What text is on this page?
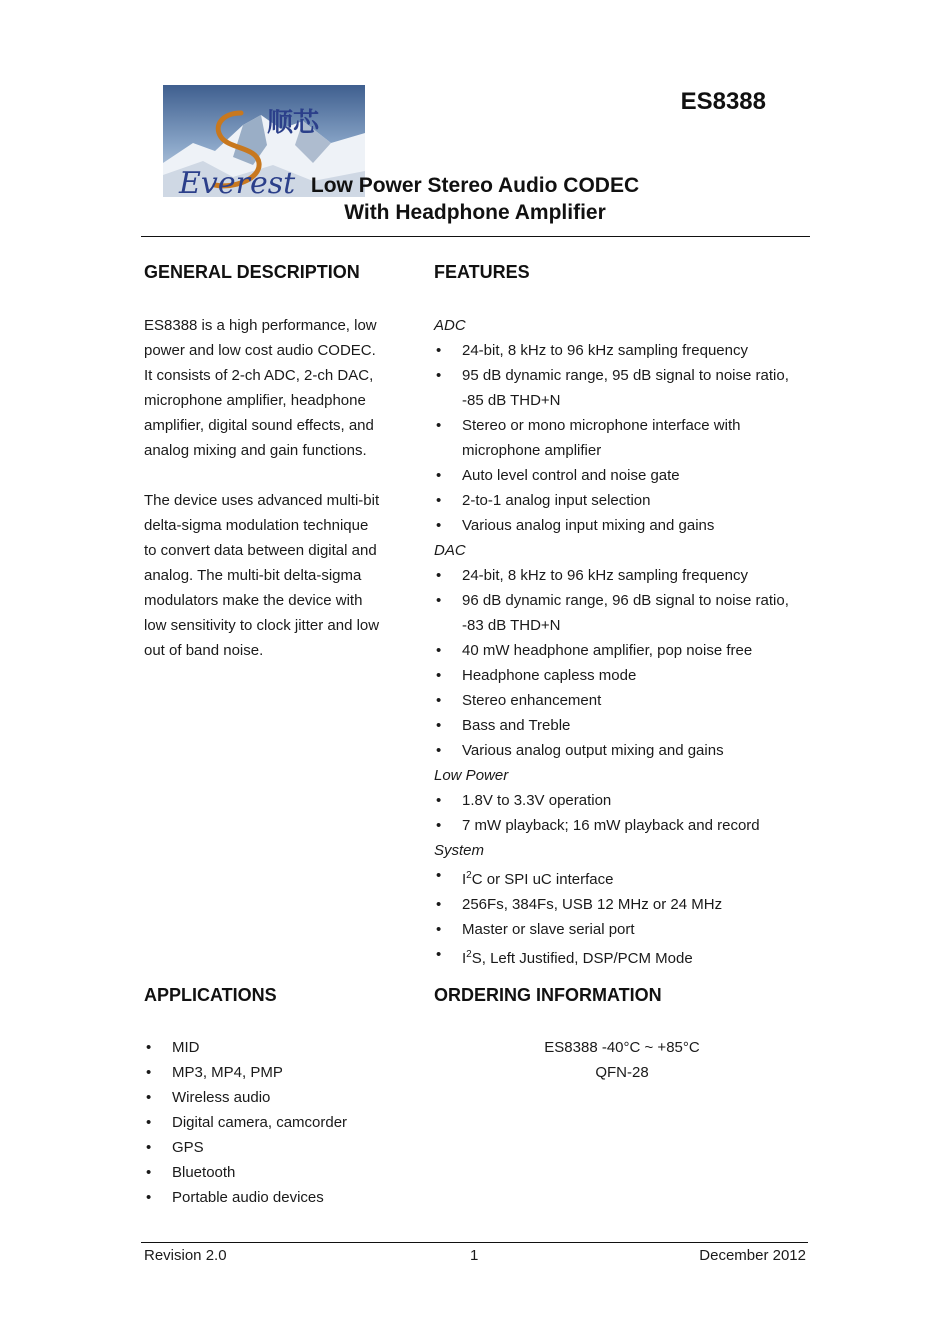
顺芯
Everest
ES8388
Low Power Stereo Audio CODEC
With Headphone Amplifier
GENERAL DESCRIPTION
ES8388 is a high performance, low
power and low cost audio CODEC.
It consists of 2-ch ADC, 2-ch DAC,
microphone amplifier, headphone
amplifier, digital sound effects, and
analog mixing and gain functions.
The device uses advanced multi-bit
delta-sigma modulation technique
to convert data between digital and
analog. The multi-bit delta-sigma
modulators make the device with
low sensitivity to clock jitter and low
out of band noise.
FEATURES
ADC
• 24-bit, 8 kHz to 96 kHz sampling frequency
• 95 dB dynamic range, 95 dB signal to noise ratio,
-85 dB THD+N
• Stereo or mono microphone interface with
microphone amplifier
• Auto level control and noise gate
• 2-to-1 analog input selection
• Various analog input mixing and gains
DAC
• 24-bit, 8 kHz to 96 kHz sampling frequency
• 96 dB dynamic range, 96 dB signal to noise ratio,
-83 dB THD+N
• 40 mW headphone amplifier, pop noise free
• Headphone capless mode
• Stereo enhancement
• Bass and Treble
• Various analog output mixing and gains
Low Power
• 1.8V to 3.3V operation
• 7 mW playback; 16 mW playback and record
System
• $I^2C$ or SPI uC interface
• 256Fs, 384Fs, USB 12 MHz or 24 MHz
• Master or slave serial port
• $I^2S$, Left Justified, DSP/PCM Mode
APPLICATIONS
• MID
• MP3, MP4, PMP
• Wireless audio
• Digital camera, camcorder
• GPS
• Bluetooth
• Portable audio devices
ORDERING INFORMATION
ES8388 -40°C ~ +85°C
QFN-28
Revision 2.0	1	December 2012
